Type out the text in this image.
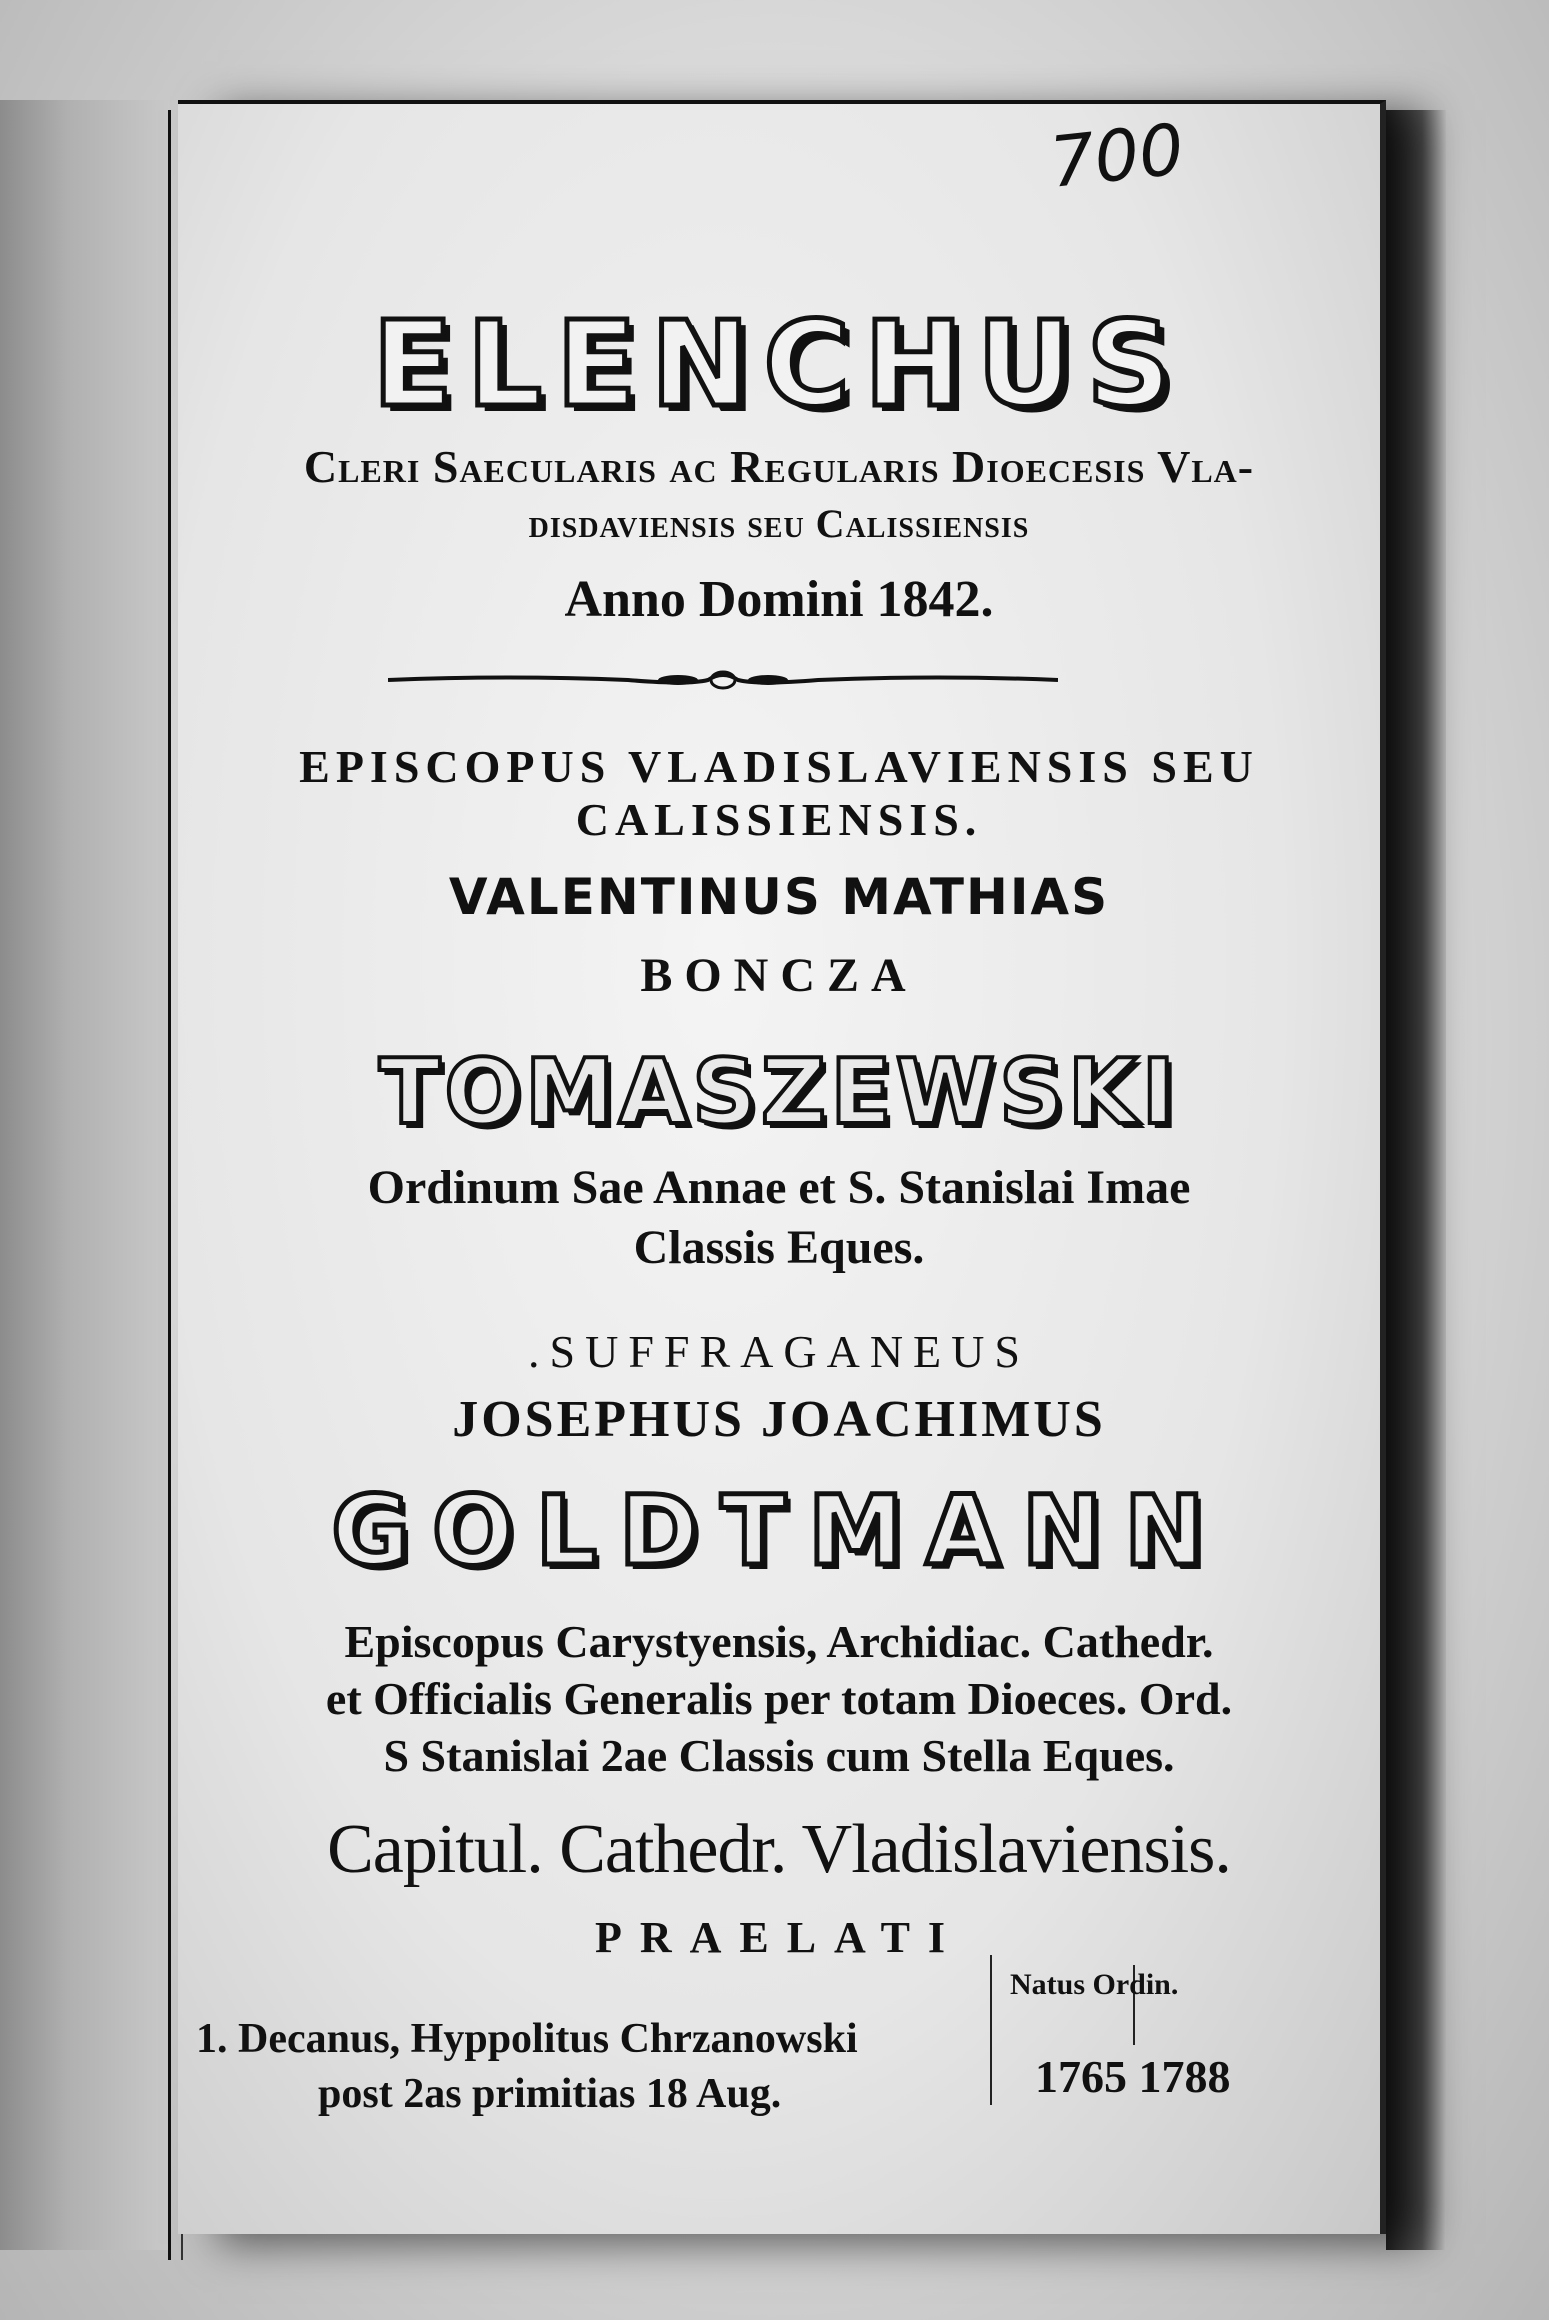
700
ELENCHUS
Cleri Saecularis ac Regularis Dioecesis Vla-
disdaviensis seu Calissiensis
Anno Domini 1842.
EPISCOPUS VLADISLAVIENSIS SEU
CALISSIENSIS.
VALENTINUS MATHIAS
BONCZA
TOMASZEWSKI
Ordinum Sae Annae et S. Stanislai Imae
Classis Eques.
.SUFFRAGANEUS
JOSEPHUS JOACHIMUS
GOLDTMANN
Episcopus Carystyensis, Archidiac. Cathedr.
et Officialis Generalis per totam Dioeces. Ord.
S Stanislai 2ae Classis cum Stella Eques.
Capitul. Cathedr. Vladislaviensis.
PRAELATI
Natus Ordin.
1. Decanus, Hyppolitus Chrzanowski
post 2as primitias 18 Aug.	1765 1788
